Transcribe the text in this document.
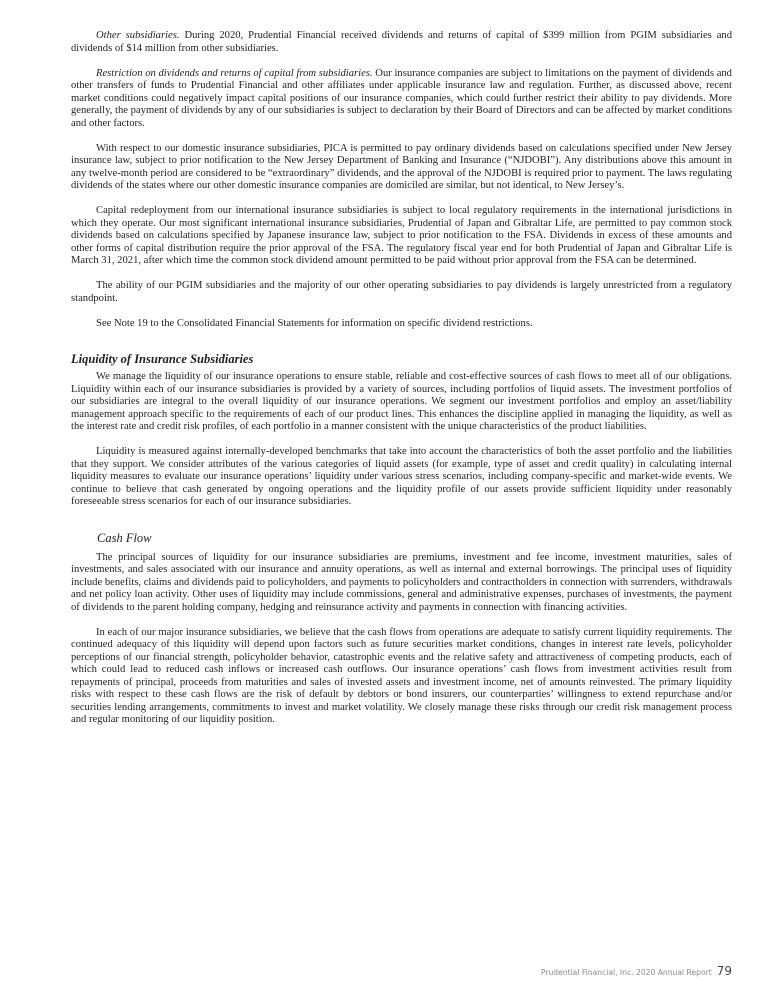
Other subsidiaries. During 2020, Prudential Financial received dividends and returns of capital of $399 million from PGIM subsidiaries and dividends of $14 million from other subsidiaries.

Restriction on dividends and returns of capital from subsidiaries. Our insurance companies are subject to limitations on the payment of dividends and other transfers of funds to Prudential Financial and other affiliates under applicable insurance law and regulation. Further, as discussed above, recent market conditions could negatively impact capital positions of our insurance companies, which could further restrict their ability to pay dividends. More generally, the payment of dividends by any of our subsidiaries is subject to declaration by their Board of Directors and can be affected by market conditions and other factors.

With respect to our domestic insurance subsidiaries, PICA is permitted to pay ordinary dividends based on calculations specified under New Jersey insurance law, subject to prior notification to the New Jersey Department of Banking and Insurance (“NJDOBI”). Any distributions above this amount in any twelve-month period are considered to be “extraordinary” dividends, and the approval of the NJDOBI is required prior to payment. The laws regulating dividends of the states where our other domestic insurance companies are domiciled are similar, but not identical, to New Jersey’s.

Capital redeployment from our international insurance subsidiaries is subject to local regulatory requirements in the international jurisdictions in which they operate. Our most significant international insurance subsidiaries, Prudential of Japan and Gibraltar Life, are permitted to pay common stock dividends based on calculations specified by Japanese insurance law, subject to prior notification to the FSA. Dividends in excess of these amounts and other forms of capital distribution require the prior approval of the FSA. The regulatory fiscal year end for both Prudential of Japan and Gibraltar Life is March 31, 2021, after which time the common stock dividend amount permitted to be paid without prior approval from the FSA can be determined.

The ability of our PGIM subsidiaries and the majority of our other operating subsidiaries to pay dividends is largely unrestricted from a regulatory standpoint.

See Note 19 to the Consolidated Financial Statements for information on specific dividend restrictions.

Liquidity of Insurance Subsidiaries

We manage the liquidity of our insurance operations to ensure stable, reliable and cost-effective sources of cash flows to meet all of our obligations. Liquidity within each of our insurance subsidiaries is provided by a variety of sources, including portfolios of liquid assets. The investment portfolios of our subsidiaries are integral to the overall liquidity of our insurance operations. We segment our investment portfolios and employ an asset/liability management approach specific to the requirements of each of our product lines. This enhances the discipline applied in managing the liquidity, as well as the interest rate and credit risk profiles, of each portfolio in a manner consistent with the unique characteristics of the product liabilities.

Liquidity is measured against internally-developed benchmarks that take into account the characteristics of both the asset portfolio and the liabilities that they support. We consider attributes of the various categories of liquid assets (for example, type of asset and credit quality) in calculating internal liquidity measures to evaluate our insurance operations’ liquidity under various stress scenarios, including company-specific and market-wide events. We continue to believe that cash generated by ongoing operations and the liquidity profile of our assets provide sufficient liquidity under reasonably foreseeable stress scenarios for each of our insurance subsidiaries.

Cash Flow

The principal sources of liquidity for our insurance subsidiaries are premiums, investment and fee income, investment maturities, sales of investments, and sales associated with our insurance and annuity operations, as well as internal and external borrowings. The principal uses of liquidity include benefits, claims and dividends paid to policyholders, and payments to policyholders and contractholders in connection with surrenders, withdrawals and net policy loan activity. Other uses of liquidity may include commissions, general and administrative expenses, purchases of investments, the payment of dividends to the parent holding company, hedging and reinsurance activity and payments in connection with financing activities.

In each of our major insurance subsidiaries, we believe that the cash flows from operations are adequate to satisfy current liquidity requirements. The continued adequacy of this liquidity will depend upon factors such as future securities market conditions, changes in interest rate levels, policyholder perceptions of our financial strength, policyholder behavior, catastrophic events and the relative safety and attractiveness of competing products, each of which could lead to reduced cash inflows or increased cash outflows. Our insurance operations’ cash flows from investment activities result from repayments of principal, proceeds from maturities and sales of invested assets and investment income, net of amounts reinvested. The primary liquidity risks with respect to these cash flows are the risk of default by debtors or bond insurers, our counterparties’ willingness to extend repurchase and/or securities lending arrangements, commitments to invest and market volatility. We closely manage these risks through our credit risk management process and regular monitoring of our liquidity position.

Prudential Financial, Inc. 2020 Annual Report 79
